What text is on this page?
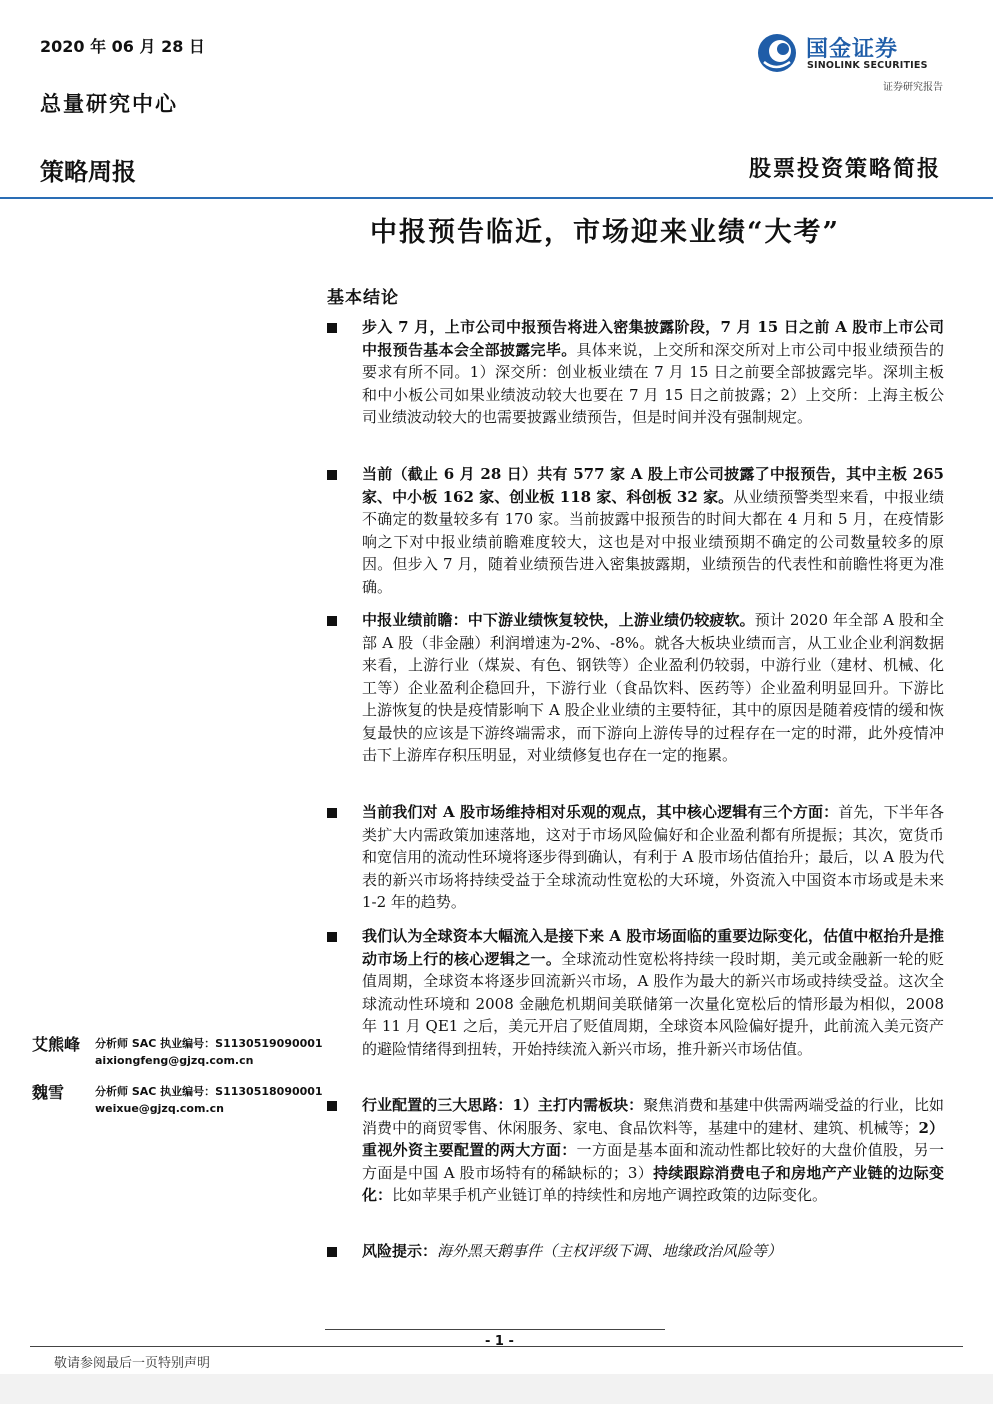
2020 年 06 月 28 日
总量研究中心
策略周报	股票投资策略简报
国金证券
SINOLINK SECURITIES
证券研究报告
中报预告临近，市场迎来业绩“大考”
基本结论
艾熊峰 分析师 SAC 执业编号：S1130519090001
aixiongfeng@gjzq.com.cn
魏雪	分析师 SAC 执业编号：S1130518090001
weixue@gjzq.com.cn
步入 7 月，上市公司中报预告将进入密集披露阶段，7 月 15 日之前 A 股市上市公司中报预告基本会全部披露完毕。具体来说，上交所和深交所对上市公司中报业绩预告的要求有所不同。1）深交所：创业板业绩在 7 月 15 日之前要全部披露完毕。深圳主板和中小板公司如果业绩波动较大也要在 7 月 15 日之前披露；2）上交所：上海主板公司业绩波动较大的也需要披露业绩预告，但是时间并没有强制规定。
当前（截止 6 月 28 日）共有 577 家 A 股上市公司披露了中报预告，其中主板 265 家、中小板 162 家、创业板 118 家、科创板 32 家。从业绩预警类型来看，中报业绩不确定的数量较多有 170 家。当前披露中报预告的时间大都在 4 月和 5 月，在疫情影响之下对中报业绩前瞻难度较大，这也是对中报业绩预期不确定的公司数量较多的原因。但步入 7 月，随着业绩预告进入密集披露期，业绩预告的代表性和前瞻性将更为准确。
中报业绩前瞻：中下游业绩恢复较快，上游业绩仍较疲软。预计 2020 年全部 A 股和全部 A 股（非金融）利润增速为-2%、-8%。就各大板块业绩而言，从工业企业利润数据来看，上游行业（煤炭、有色、钢铁等）企业盈利仍较弱，中游行业（建材、机械、化工等）企业盈利企稳回升，下游行业（食品饮料、医药等）企业盈利明显回升。下游比上游恢复的快是疫情影响下 A 股企业业绩的主要特征，其中的原因是随着疫情的缓和恢复最快的应该是下游终端需求，而下游向上游传导的过程存在一定的时滞，此外疫情冲击下上游库存积压明显，对业绩修复也存在一定的拖累。
当前我们对 A 股市场维持相对乐观的观点，其中核心逻辑有三个方面：首先，下半年各类扩大内需政策加速落地，这对于市场风险偏好和企业盈利都有所提振；其次，宽货币和宽信用的流动性环境将逐步得到确认，有利于 A 股市场估值抬升；最后，以 A 股为代表的新兴市场将持续受益于全球流动性宽松的大环境，外资流入中国资本市场或是未来 1-2 年的趋势。
我们认为全球资本大幅流入是接下来 A 股市场面临的重要边际变化，估值中枢抬升是推动市场上行的核心逻辑之一。全球流动性宽松将持续一段时期，美元或金融新一轮的贬值周期，全球资本将逐步回流新兴市场，A 股作为最大的新兴市场或持续受益。这次全球流动性环境和 2008 金融危机期间美联储第一次量化宽松后的情形最为相似，2008 年 11 月 QE1 之后，美元开启了贬值周期，全球资本风险偏好提升，此前流入美元资产的避险情绪得到扭转，开始持续流入新兴市场，推升新兴市场估值。
行业配置的三大思路：1）主打内需板块：聚焦消费和基建中供需两端受益的行业，比如消费中的商贸零售、休闲服务、家电、食品饮料等，基建中的建材、建筑、机械等；2）重视外资主要配置的两大方面：一方面是基本面和流动性都比较好的大盘价值股，另一方面是中国 A 股市场特有的稀缺标的；3）持续跟踪消费电子和房地产产业链的边际变化：比如苹果手机产业链订单的持续性和房地产调控政策的边际变化。
风险提示：海外黑天鹅事件（主权评级下调、地缘政治风险等）
- 1 -
敬请参阅最后一页特别声明
